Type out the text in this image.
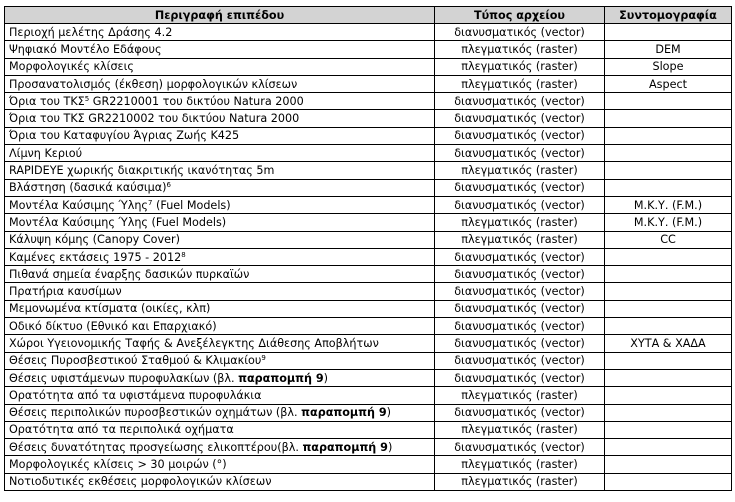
Περιγραφή επιπέδου	Τύπος αρχείου	Συντομογραφία
Περιοχή μελέτης Δράσης 4.2	διανυσματικός (vector)	
Ψηφιακό Μοντέλο Εδάφους	πλεγματικός (raster)	DEM
Μορφολογικές κλίσεις	πλεγματικός (raster)	Slope
Προσανατολισμός (έκθεση) μορφολογικών κλίσεων	πλεγματικός (raster)	Aspect
Όρια του ΤΚΣ$^5$ GR2210001 του δικτύου Natura 2000	διανυσματικός (vector)	
Όρια του ΤΚΣ GR2210002 του δικτύου Natura 2000	διανυσματικός (vector)	
Όρια του Καταφυγίου Άγριας Ζωής Κ425	διανυσματικός (vector)	
Λίμνη Κεριού	διανυσματικός (vector)	
RAPIDEYE χωρικής διακριτικής ικανότητας 5m	πλεγματικός (raster)	
Βλάστηση (δασικά καύσιμα)$^6$	διανυσματικός (vector)	
Μοντέλα Καύσιμης Ύλης$^7$ (Fuel Models)	διανυσματικός (vector)	Μ.Κ.Υ. (F.M.)
Μοντέλα Καύσιμης Ύλης (Fuel Models)	πλεγματικός (raster)	Μ.Κ.Υ. (F.M.)
Κάλυψη κόμης (Canopy Cover)	πλεγματικός (raster)	CC
Καμένες εκτάσεις 1975 - 2012$^8$	διανυσματικός (vector)	
Πιθανά σημεία έναρξης δασικών πυρκαϊών	διανυσματικός (vector)	
Πρατήρια καυσίμων	διανυσματικός (vector)	
Μεμονωμένα κτίσματα (οικίες, κλπ)	διανυσματικός (vector)	
Οδικό δίκτυο (Εθνικό και Επαρχιακό)	διανυσματικός (vector)	
Χώροι Υγειονομικής Ταφής & Ανεξέλεγκτης Διάθεσης Αποβλήτων	διανυσματικός (vector)	ΧΥΤΑ & ΧΑΔΑ
Θέσεις Πυροσβεστικού Σταθμού & Κλιμακίου$^9$	διανυσματικός (vector)	
Θέσεις υφιστάμενων πυροφυλακίων (βλ. παραπομπή 9)	διανυσματικός (vector)	
Ορατότητα από τα υφιστάμενα πυροφυλάκια	πλεγματικός (raster)	
Θέσεις περιπολικών πυροσβεστικών οχημάτων (βλ. παραπομπή 9)	διανυσματικός (vector)	
Ορατότητα από τα περιπολικά οχήματα	πλεγματικός (raster)	
Θέσεις δυνατότητας προσγείωσης ελικοπτέρου(βλ. παραπομπή 9)	διανυσματικός (vector)	
Μορφολογικές κλίσεις > 30 μοιρών (°)	πλεγματικός (raster)	
Νοτιοδυτικές εκθέσεις μορφολογικών κλίσεων	πλεγματικός (raster)	
